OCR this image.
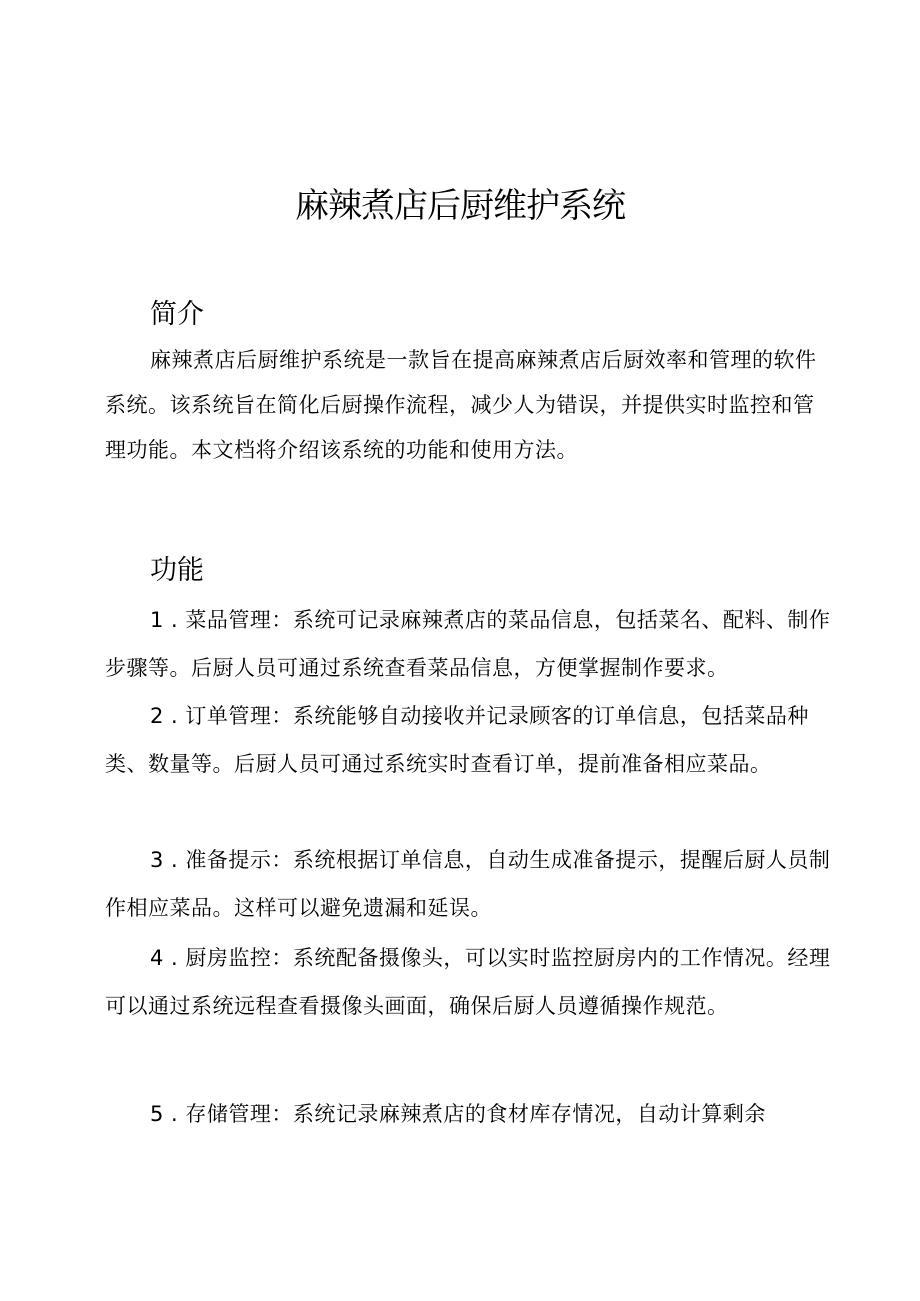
麻辣煮店后厨维护系统
简介

麻辣煮店后厨维护系统是一款旨在提高麻辣煮店后厨效率和管理的软件系统。该系统旨在简化后厨操作流程，减少人为错误，并提供实时监控和管理功能。本文档将介绍该系统的功能和使用方法。

功能

1 . 菜品管理：系统可记录麻辣煮店的菜品信息，包括菜名、配料、制作步骤等。后厨人员可通过系统查看菜品信息，方便掌握制作要求。

2 . 订单管理：系统能够自动接收并记录顾客的订单信息，包括菜品种类、数量等。后厨人员可通过系统实时查看订单，提前准备相应菜品。

3 . 准备提示：系统根据订单信息，自动生成准备提示，提醒后厨人员制作相应菜品。这样可以避免遗漏和延误。

4 . 厨房监控：系统配备摄像头，可以实时监控厨房内的工作情况。经理可以通过系统远程查看摄像头画面，确保后厨人员遵循操作规范。

5 . 存储管理：系统记录麻辣煮店的食材库存情况，自动计算剩余
